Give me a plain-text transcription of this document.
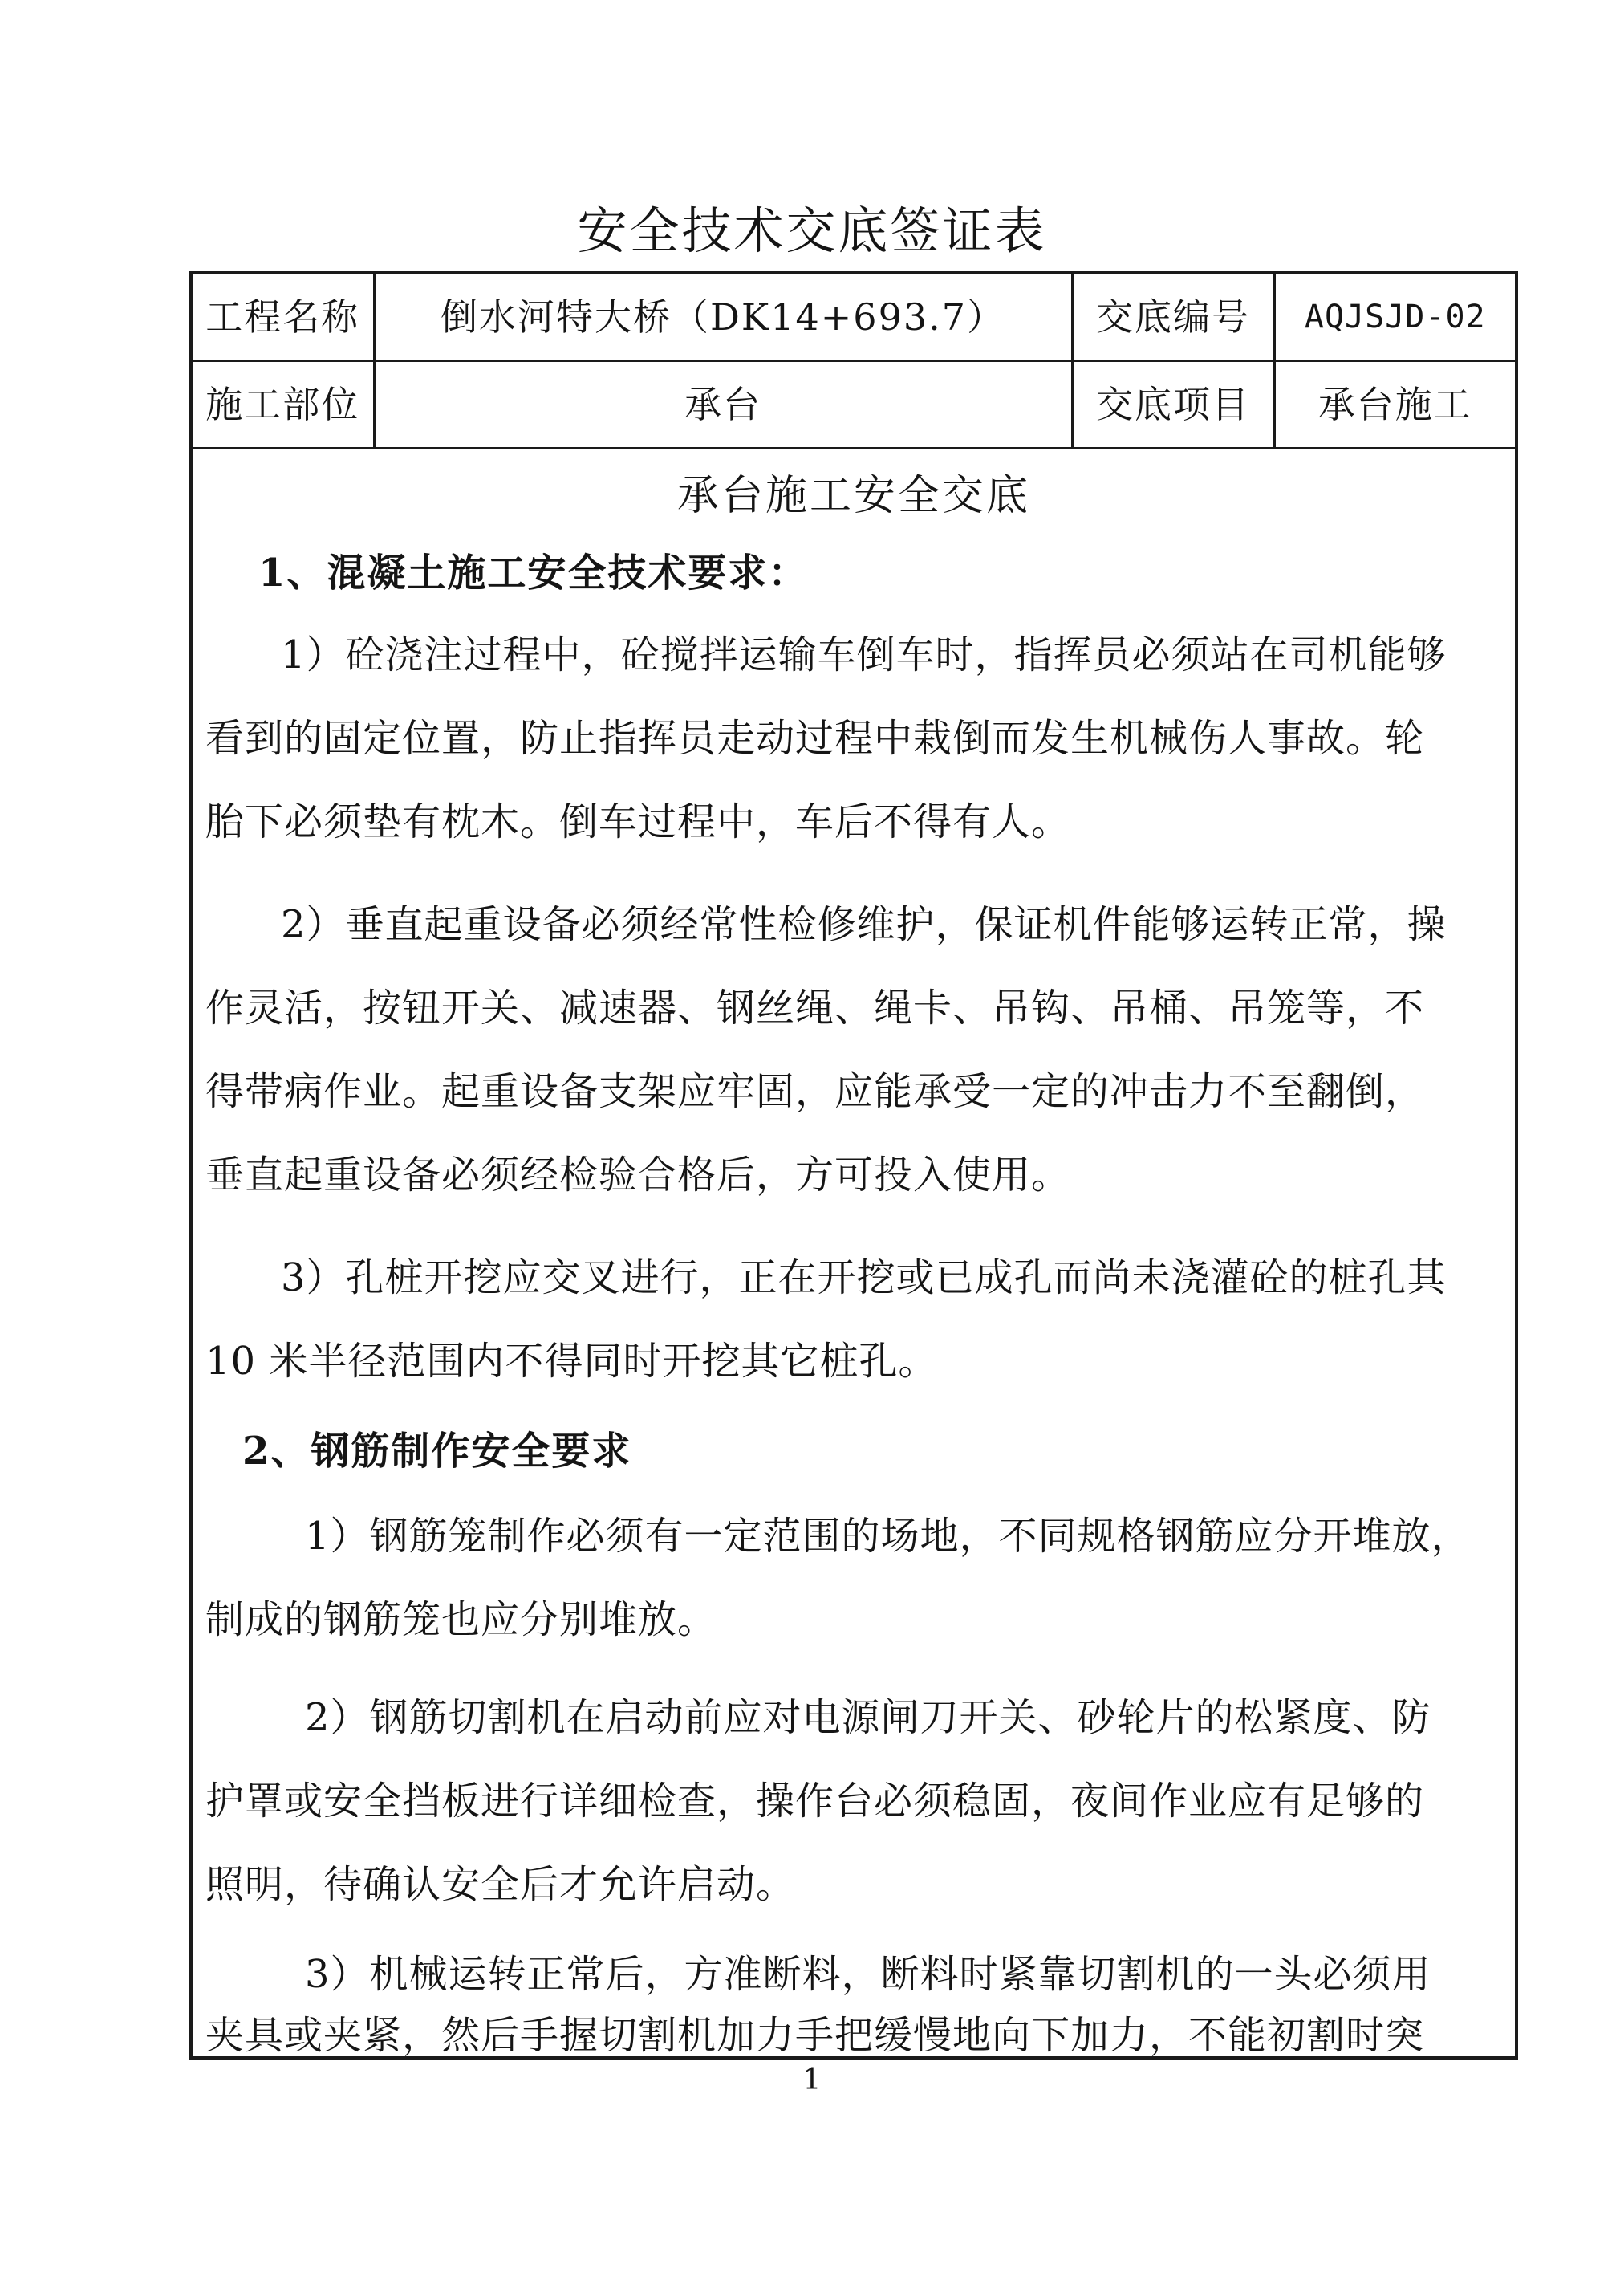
安全技术交底签证表
工程名称	倒水河特大桥（DK14+693.7）	交底编号	AQJSJD-02
施工部位	承台	交底项目	承台施工
承台施工安全交底
1、混凝土施工安全技术要求：
1）砼浇注过程中，砼搅拌运输车倒车时，指挥员必须站在司机能够
看到的固定位置，防止指挥员走动过程中栽倒而发生机械伤人事故。轮
胎下必须垫有枕木。倒车过程中，车后不得有人。
2）垂直起重设备必须经常性检修维护，保证机件能够运转正常，操
作灵活，按钮开关、减速器、钢丝绳、绳卡、吊钩、吊桶、吊笼等，不
得带病作业。起重设备支架应牢固，应能承受一定的冲击力不至翻倒，
垂直起重设备必须经检验合格后，方可投入使用。
3）孔桩开挖应交叉进行，正在开挖或已成孔而尚未浇灌砼的桩孔其
10 米半径范围内不得同时开挖其它桩孔。
2、钢筋制作安全要求
1）钢筋笼制作必须有一定范围的场地，不同规格钢筋应分开堆放，
制成的钢筋笼也应分别堆放。
2）钢筋切割机在启动前应对电源闸刀开关、砂轮片的松紧度、防
护罩或安全挡板进行详细检查，操作台必须稳固，夜间作业应有足够的
照明，待确认安全后才允许启动。
3）机械运转正常后，方准断料，断料时紧靠切割机的一头必须用
夹具或夹紧，然后手握切割机加力手把缓慢地向下加力，不能初割时突
1
